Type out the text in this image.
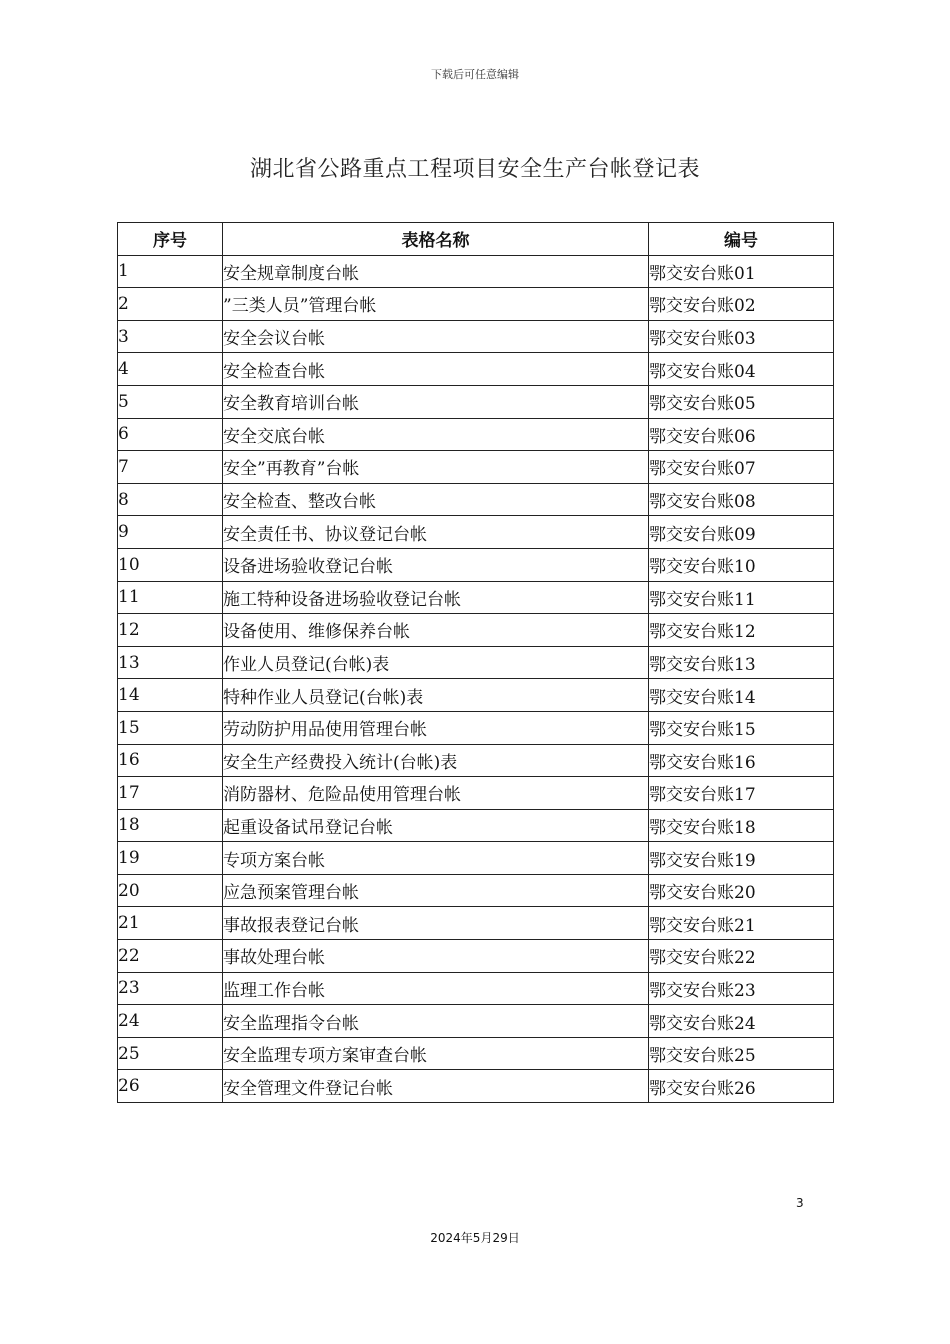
下载后可任意编辑
湖北省公路重点工程项目安全生产台帐登记表
序号	表格名称	编号
1	安全规章制度台帐	鄂交安台账01
2	”三类人员”管理台帐	鄂交安台账02
3	安全会议台帐	鄂交安台账03
4	安全检查台帐	鄂交安台账04
5	安全教育培训台帐	鄂交安台账05
6	安全交底台帐	鄂交安台账06
7	安全”再教育”台帐	鄂交安台账07
8	安全检查、整改台帐	鄂交安台账08
9	安全责任书、协议登记台帐	鄂交安台账09
10	设备进场验收登记台帐	鄂交安台账10
11	施工特种设备进场验收登记台帐	鄂交安台账11
12	设备使用、维修保养台帐	鄂交安台账12
13	作业人员登记(台帐)表	鄂交安台账13
14	特种作业人员登记(台帐)表	鄂交安台账14
15	劳动防护用品使用管理台帐	鄂交安台账15
16	安全生产经费投入统计(台帐)表	鄂交安台账16
17	消防器材、危险品使用管理台帐	鄂交安台账17
18	起重设备试吊登记台帐	鄂交安台账18
19	专项方案台帐	鄂交安台账19
20	应急预案管理台帐	鄂交安台账20
21	事故报表登记台帐	鄂交安台账21
22	事故处理台帐	鄂交安台账22
23	监理工作台帐	鄂交安台账23
24	安全监理指令台帐	鄂交安台账24
25	安全监理专项方案审查台帐	鄂交安台账25
26	安全管理文件登记台帐	鄂交安台账26
3
2024年5月29日
